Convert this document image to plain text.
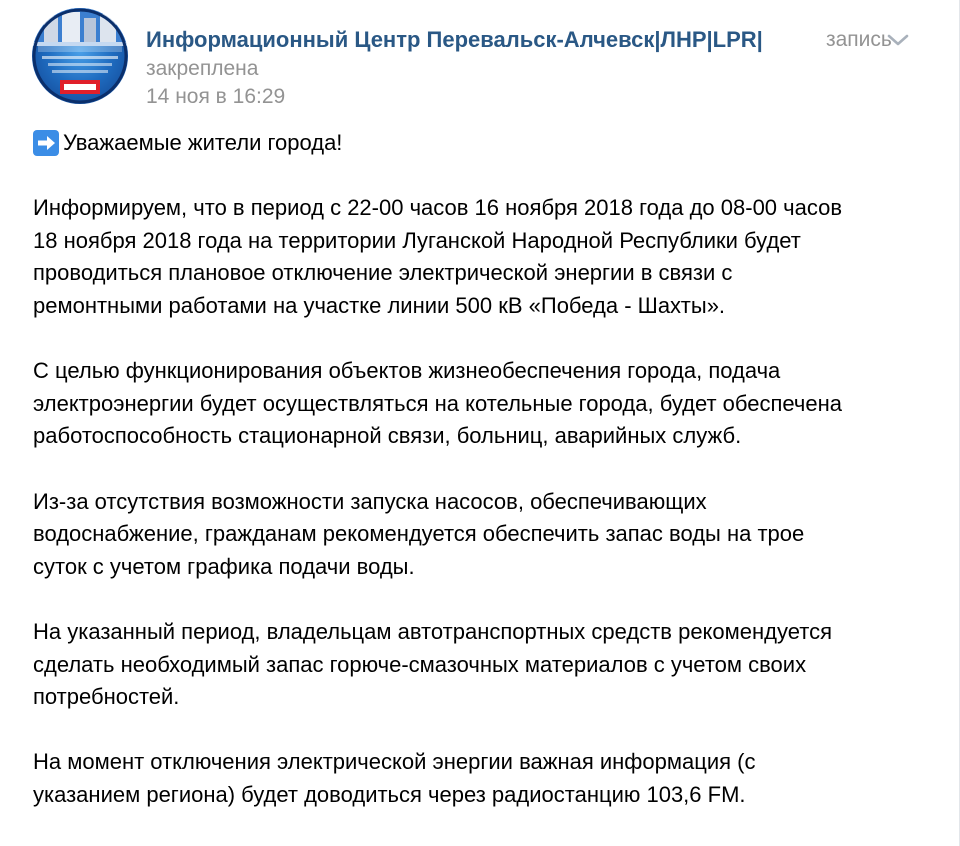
Информационный Центр Перевальск-Алчевск|ЛНР|LPR|	запись
закреплена
14 ноя в 16:29

Уважаемые жители города!

Информируем, что в период с 22-00 часов 16 ноября 2018 года до 08-00 часов
18 ноября 2018 года на территории Луганской Народной Республики будет
проводиться плановое отключение электрической энергии в связи с
ремонтными работами на участке линии 500 кВ «Победа - Шахты».

С целью функционирования объектов жизнеобеспечения города, подача
электроэнергии будет осуществляться на котельные города, будет обеспечена
работоспособность стационарной связи, больниц, аварийных служб.

Из-за отсутствия возможности запуска насосов, обеспечивающих
водоснабжение, гражданам рекомендуется обеспечить запас воды на трое
суток с учетом графика подачи воды.

На указанный период, владельцам автотранспортных средств рекомендуется
сделать необходимый запас горюче-смазочных материалов с учетом своих
потребностей.

На момент отключения электрической энергии важная информация (с
указанием региона) будет доводиться через радиостанцию 103,6 FM.
